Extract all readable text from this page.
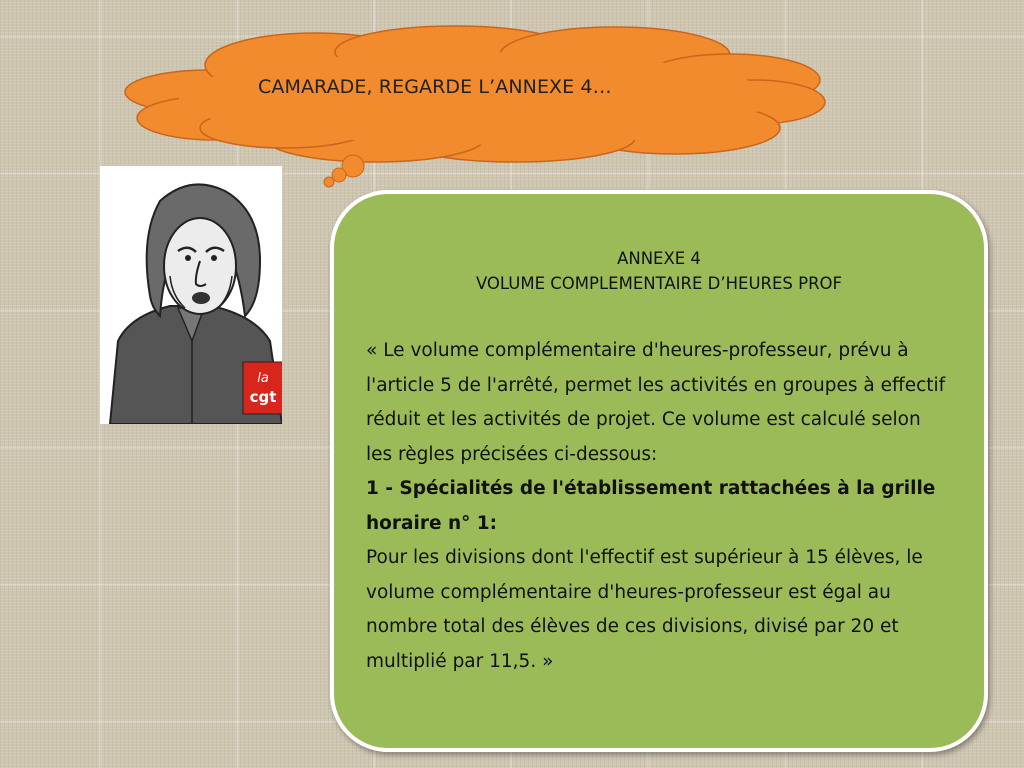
CAMARADE, REGARDE L’ANNEXE 4…
la
cgt
ANNEXE 4
VOLUME COMPLEMENTAIRE D’HEURES PROF

« Le volume complémentaire d'heures-professeur, prévu à l'article 5 de l'arrêté, permet les activités en groupes à effectif réduit et les activités de projet. Ce volume est calculé selon les règles précisées ci-dessous:

1 - Spécialités de l'établissement rattachées à la grille horaire n° 1:

Pour les divisions dont l'effectif est supérieur à 15 élèves, le volume complémentaire d'heures-professeur est égal au nombre total des élèves de ces divisions, divisé par 20 et multiplié par 11,5. »
